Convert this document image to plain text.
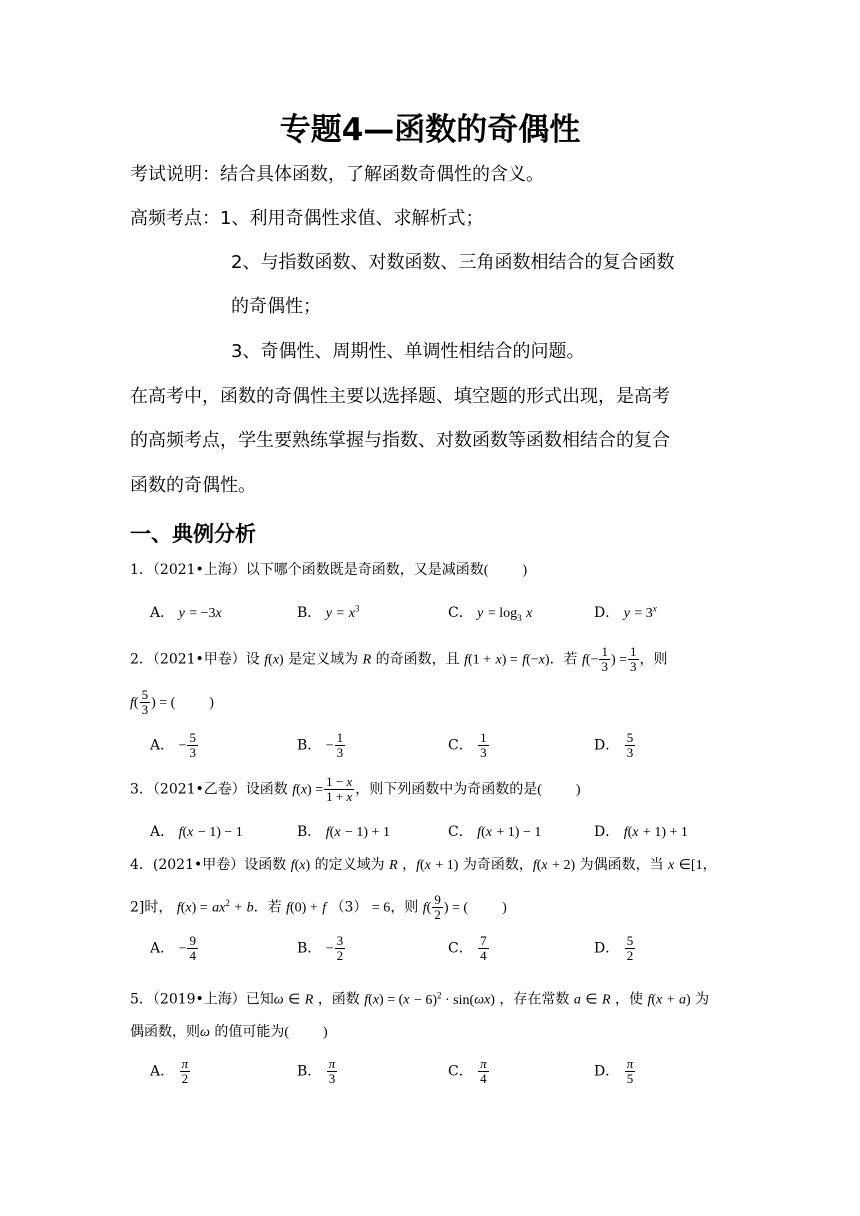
专题4—函数的奇偶性
考试说明：结合具体函数，了解函数奇偶性的含义。
高频考点： 1、利用奇偶性求值、求解析式；
2、与指数函数、对数函数、三角函数相结合的复合函数
的奇偶性；
3、奇偶性、周期性、单调性相结合的问题。
在高考中，函数的奇偶性主要以选择题、填空题的形式出现，是高考
的高频考点，学生要熟练掌握与指数、对数函数等函数相结合的复合
函数的奇偶性。
一、典例分析
1．（2021•上海）以下哪个函数既是奇函数，又是减函数( )
A． y = −3x	B． $y = x^3$	C． $y = \log_3 x$	D． $y = 3^x$
2．（2021•甲卷）设 f(x) 是定义域为 R 的奇函数，且 f(1 + x) = f(−x)．若 $f(- \frac{1}{3}$ ) = $\frac{1}{3}$ ，则
$f( \frac{5}{3}$ ) = ( )
A． − $\frac{5}{3}$	B． − $\frac{1}{3}$	C． $\frac{1}{3}$	D． $\frac{5}{3}$
3．（2021•乙卷）设函数 $f(x) = \frac{1 - x}{1 + x}$ ，则下列函数中为奇函数的是( )
A． f(x − 1) − 1	B． f(x − 1) + 1	C． f(x + 1) − 1	D． f(x + 1) + 1
4．(2021•甲卷）设函数 f(x) 的定义域为 R ，f(x + 1) 为奇函数，f(x + 2) 为偶函数，当 x ∈[1，
2]时， $f(x) = ax^2 + b$．若 f(0) + f （3） = 6，则 $f( \frac{9}{2}$ ) = ( )
A． − $\frac{9}{4}$	B． − $\frac{3}{2}$	C． $\frac{7}{4}$	D． $\frac{5}{2}$
5．（2019•上海）已知ω ∈ R ，函数 $f(x) = (x - 6)^2 \cdot \sin(\omega x)$ ，存在常数 a ∈ R ，使 f(x + a) 为
偶函数，则ω 的值可能为( )
A． $\frac{\pi}{2}$	B． $\frac{\pi}{3}$	C． $\frac{\pi}{4}$	D． $\frac{\pi}{5}$
